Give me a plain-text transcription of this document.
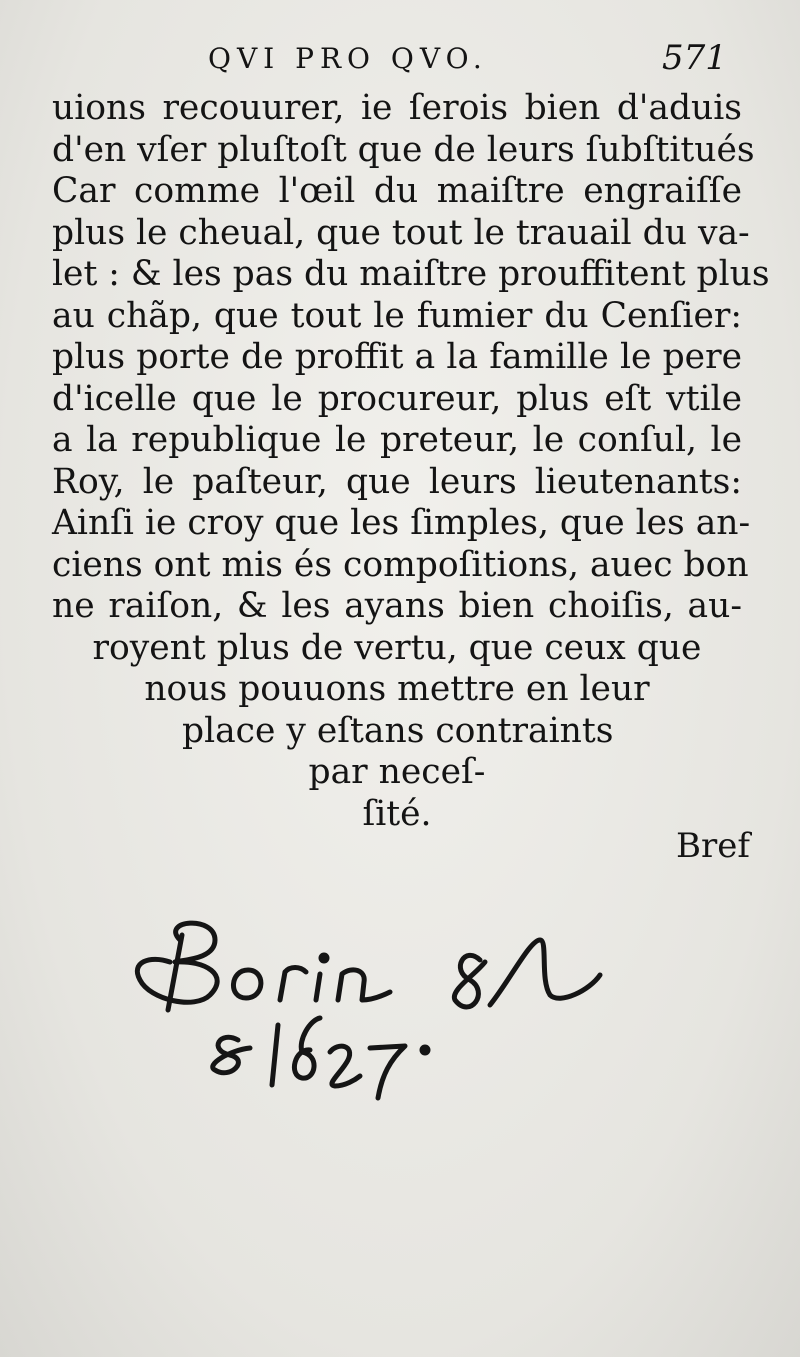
QVI PRO QVO.	571
uions recouurer, ie ſerois bien d'aduis
d'en vſer pluſtoſt que de leurs ſubſtitués
Car comme l'œil du maiſtre engraiſſe
plus le cheual, que tout le trauail du va-
let : & les pas du maiſtre prouffitent plus
au chãp, que tout le fumier du Cenſier:
plus porte de proffit a la famille le pere
d'icelle que le procureur, plus eſt vtile
a la republique le preteur, le conſul, le
Roy, le paſteur, que leurs lieutenants:
Ainſi ie croy que les ſimples, que les an-
ciens ont mis és compoſitions, auec bon
ne raiſon, & les ayans bien choiſis, au-
royent plus de vertu, que ceux que
nous pouuons mettre en leur
place y eſtans contraints
par neceſ-
ſité.
Bref
